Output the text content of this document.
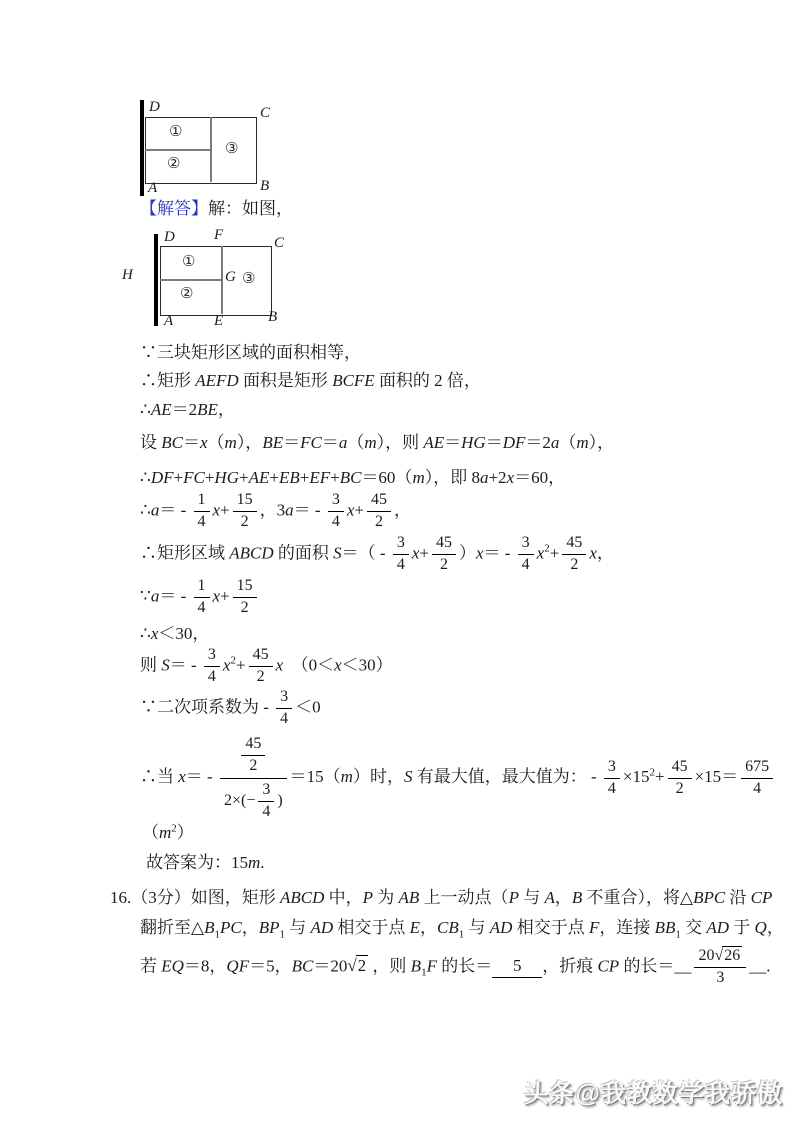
D	C
A	B
①
②
③
【解答】解：如图，
D	F	C
H	G
A	E	B
①
②
③
∵三块矩形区域的面积相等，
∴矩形 AEFD 面积是矩形 BCFE 面积的 2 倍，
∴AE＝2BE，
设 BC＝x（m），BE＝FC＝a（m），则 AE＝HG＝DF＝2a（m），
∴DF+FC+HG+AE+EB+EF+BC＝60（m），即 8a+2x＝60，
∴a＝ - $\frac{1}{4} x+ \frac{15}{2}$ ，$3a= - \frac{3}{4} x+ \frac{45}{2}$ ，
∴矩形区域 ABCD 的面积 $S=( - \frac{3}{4} x+ \frac{45}{2} )x= - \frac{3}{4} x^2+ \frac{45}{2}$ x，
∵a＝ - $\frac{1}{4} x+ \frac{15}{2}$
∴x＜30，
则 $S= - \frac{3}{4} x^2+ \frac{45}{2}$ x　（0＜x＜30）
∵二次项系数为 - $\frac{3}{4} <0$
∴当 $x= - \frac{\frac{45}{2}}{2\times(- \frac{3}{4} )} =15(m)$时，S 有最大值，最大值为： - $\frac{3}{4} \times 15^2+ \frac{45}{2} \times 15= \frac{675}{4}$
$(m^2)$
故答案为：15m.
16.（3分）如图，矩形 ABCD 中，P 为 AB 上一动点（P 与 A，B 不重合），将△BPC 沿 CP
翻折至$\triangle B_1PC$，$BP_1$ 与 AD 相交于点 E，$CB_1$ 与 AD 相交于点 F，连接 $BB_1$ 交 AD 于 Q，
若 EQ＝8，QF＝5，BC＝20√2 ，则 $B_1F$ 的长＝ 5 ，折痕 CP 的长＝__ $\frac{20√26}{3}$ __.
头条@我教数学我骄傲
